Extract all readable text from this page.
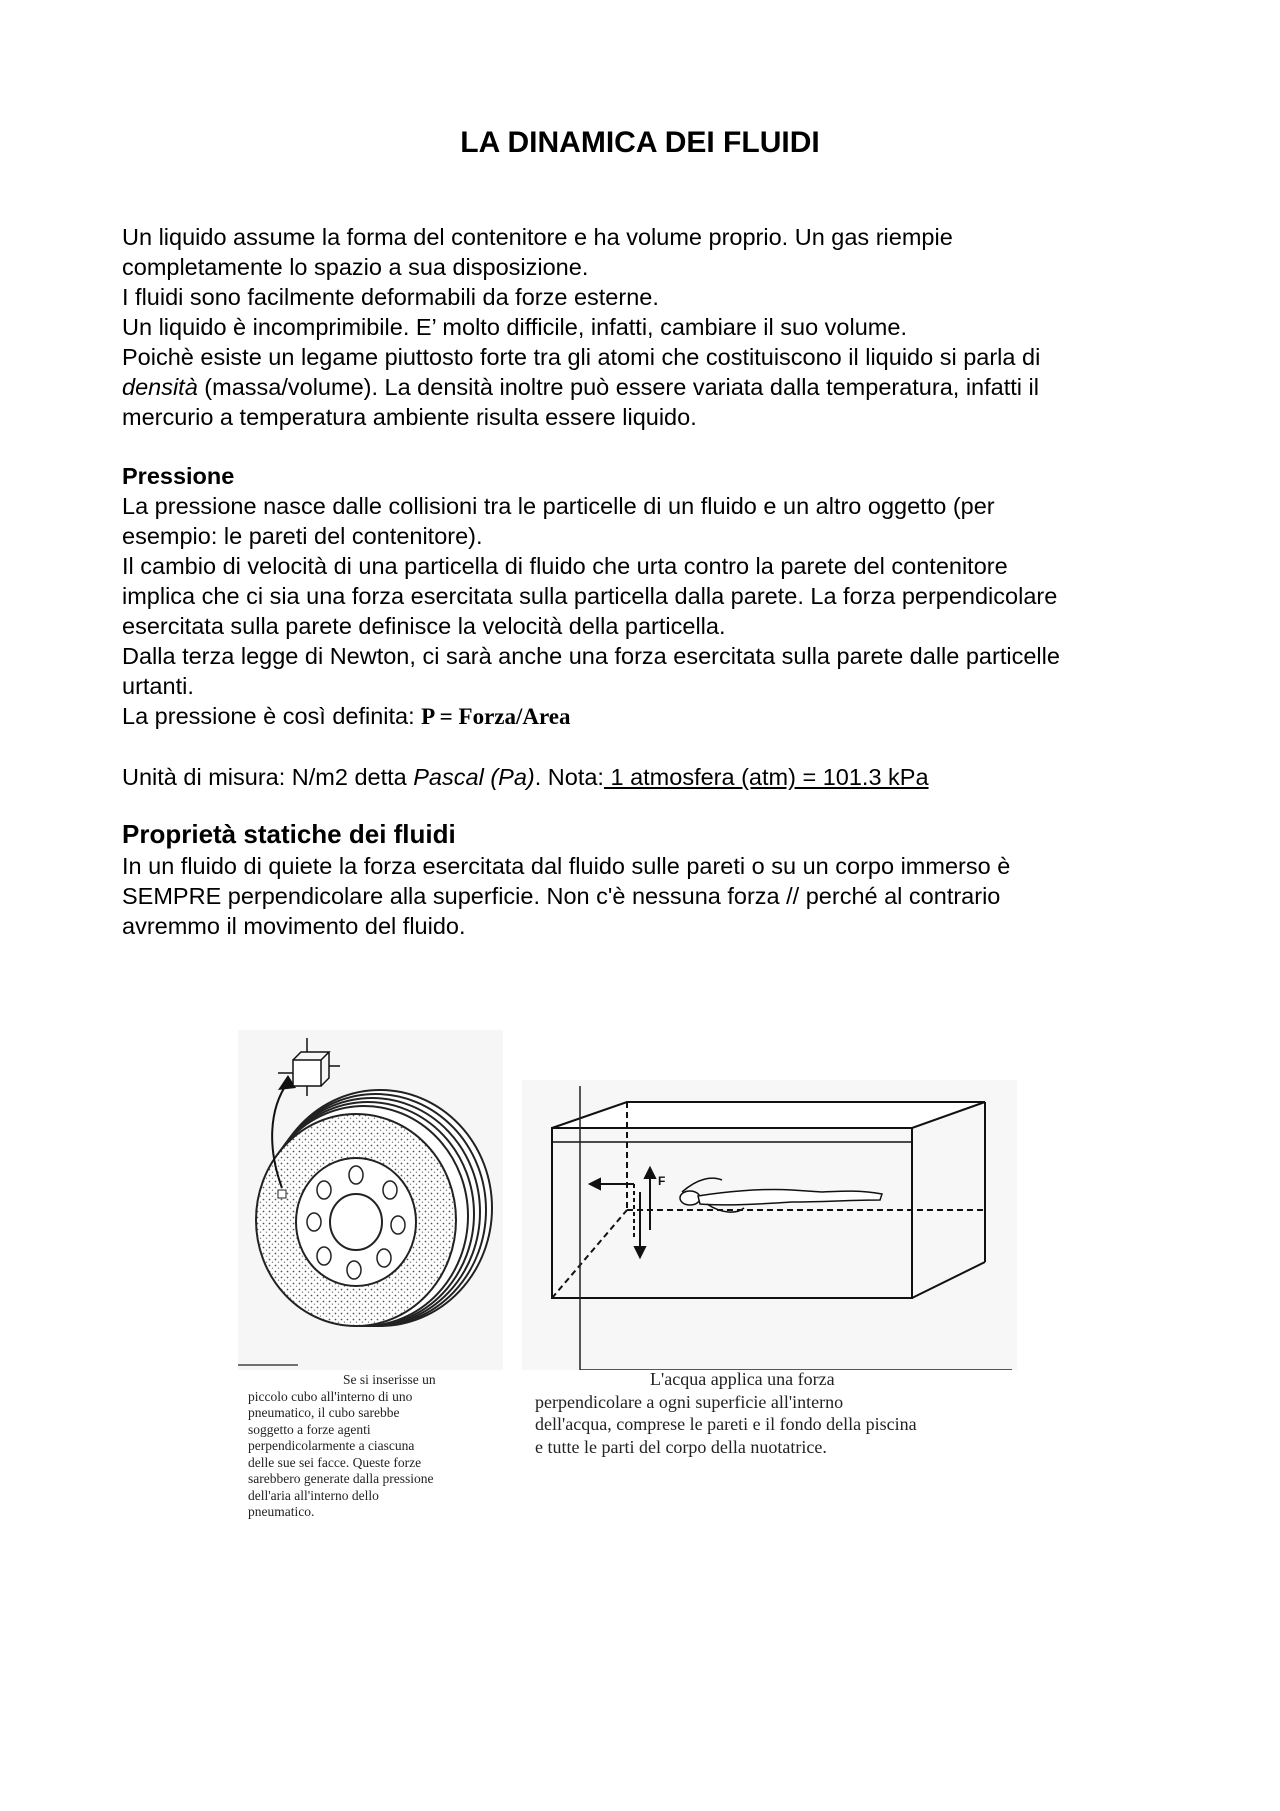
LA DINAMICA DEI FLUIDI

Un liquido assume la forma del contenitore e ha volume proprio. Un gas riempie

completamente lo spazio a sua disposizione.

I fluidi sono facilmente deformabili da forze esterne.

Un liquido è incomprimibile. E’ molto difficile, infatti, cambiare il suo volume.

Poichè esiste un legame piuttosto forte tra gli atomi che costituiscono il liquido si parla di

densità (massa/volume). La densità inoltre può essere variata dalla temperatura, infatti il

mercurio a temperatura ambiente risulta essere liquido.

Pressione

La pressione nasce dalle collisioni tra le particelle di un fluido e un altro oggetto (per

esempio: le pareti del contenitore).

Il cambio di velocità di una particella di fluido che urta contro la parete del contenitore

implica che ci sia una forza esercitata sulla particella dalla parete. La forza perpendicolare

esercitata sulla parete definisce la velocità della particella.

Dalla terza legge di Newton, ci sarà anche una forza esercitata sulla parete dalle particelle

urtanti.

La pressione è così definita: P = Forza/Area

Unità di misura: N/m2 detta Pascal (Pa). Nota: 1 atmosfera (atm) = 101.3 kPa

Proprietà statiche dei fluidi

In un fluido di quiete la forza esercitata dal fluido sulle pareti o su un corpo immerso è

SEMPRE perpendicolare alla superficie. Non c'è nessuna forza // perché al contrario

avremmo il movimento del fluido.

Se si inserisse un
piccolo cubo all'interno di uno
pneumatico, il cubo sarebbe
soggetto a forze agenti
perpendicolarmente a ciascuna
delle sue sei facce. Queste forze
sarebbero generate dalla pressione
dell'aria all'interno dello
pneumatico.

F

L'acqua applica una forza
perpendicolare a ogni superficie all'interno
dell'acqua, comprese le pareti e il fondo della piscina
e tutte le parti del corpo della nuotatrice.
